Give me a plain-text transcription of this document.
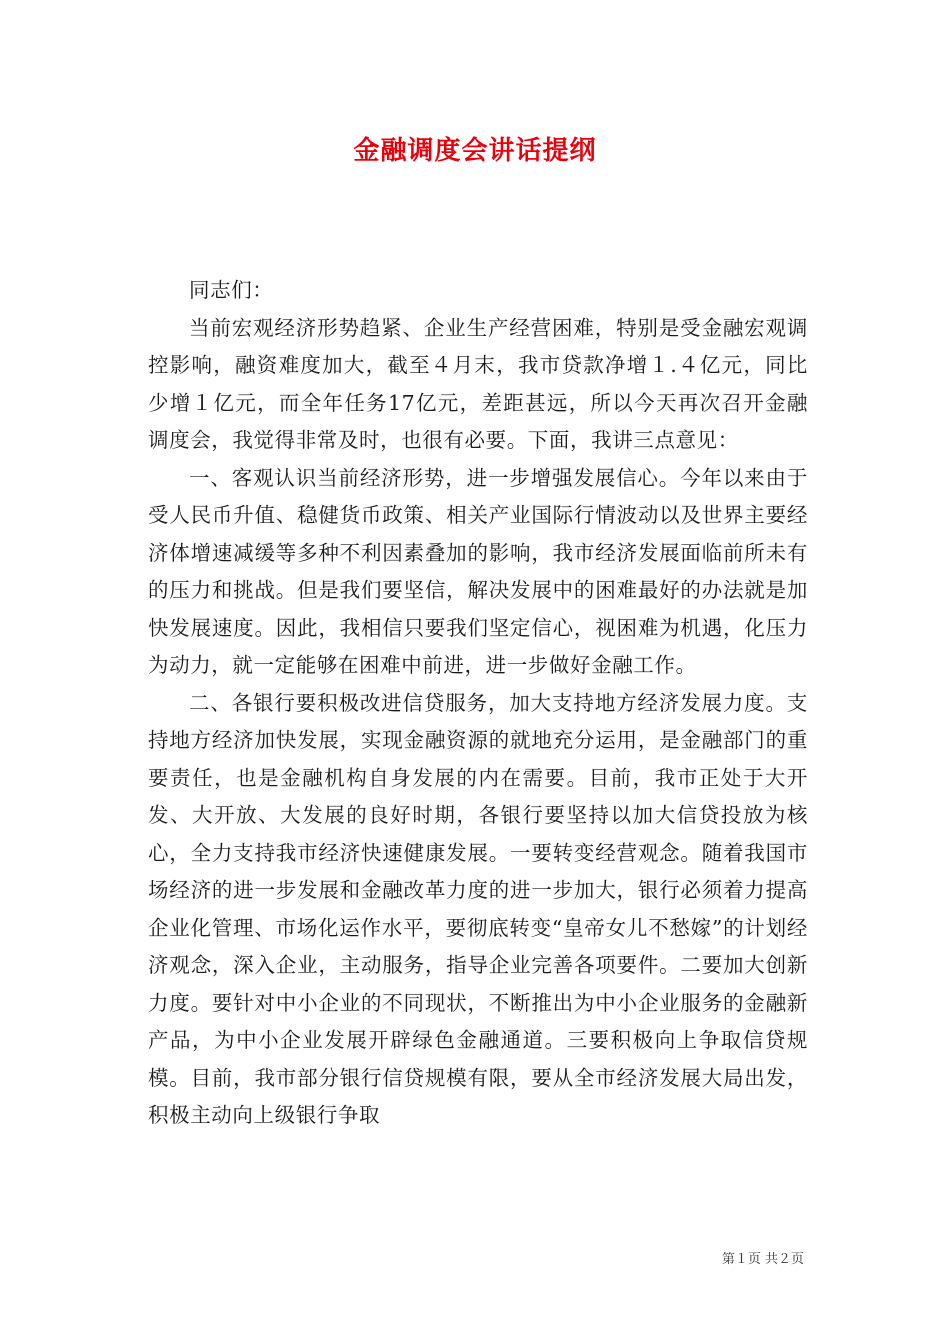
金融调度会讲话提纲

同志们：

当前宏观经济形势趋紧、企业生产经营困难，特别是受金融宏观调控影响，融资难度加大，截至４月末，我市贷款净增１.４亿元，同比少增１亿元，而全年任务17亿元，差距甚远，所以今天再次召开金融调度会，我觉得非常及时，也很有必要。下面，我讲三点意见：

一、客观认识当前经济形势，进一步增强发展信心。今年以来由于受人民币升值、稳健货币政策、相关产业国际行情波动以及世界主要经济体增速减缓等多种不利因素叠加的影响，我市经济发展面临前所未有的压力和挑战。但是我们要坚信，解决发展中的困难最好的办法就是加快发展速度。因此，我相信只要我们坚定信心，视困难为机遇，化压力为动力，就一定能够在困难中前进，进一步做好金融工作。

二、各银行要积极改进信贷服务，加大支持地方经济发展力度。支持地方经济加快发展，实现金融资源的就地充分运用，是金融部门的重要责任，也是金融机构自身发展的内在需要。目前，我市正处于大开发、大开放、大发展的良好时期，各银行要坚持以加大信贷投放为核心，全力支持我市经济快速健康发展。一要转变经营观念。随着我国市场经济的进一步发展和金融改革力度的进一步加大，银行必须着力提高企业化管理、市场化运作水平，要彻底转变“皇帝女儿不愁嫁”的计划经济观念，深入企业，主动服务，指导企业完善各项要件。二要加大创新力度。要针对中小企业的不同现状，不断推出为中小企业服务的金融新产品，为中小企业发展开辟绿色金融通道。三要积极向上争取信贷规模。目前，我市部分银行信贷规模有限，要从全市经济发展大局出发，积极主动向上级银行争取

第１页 共２页
